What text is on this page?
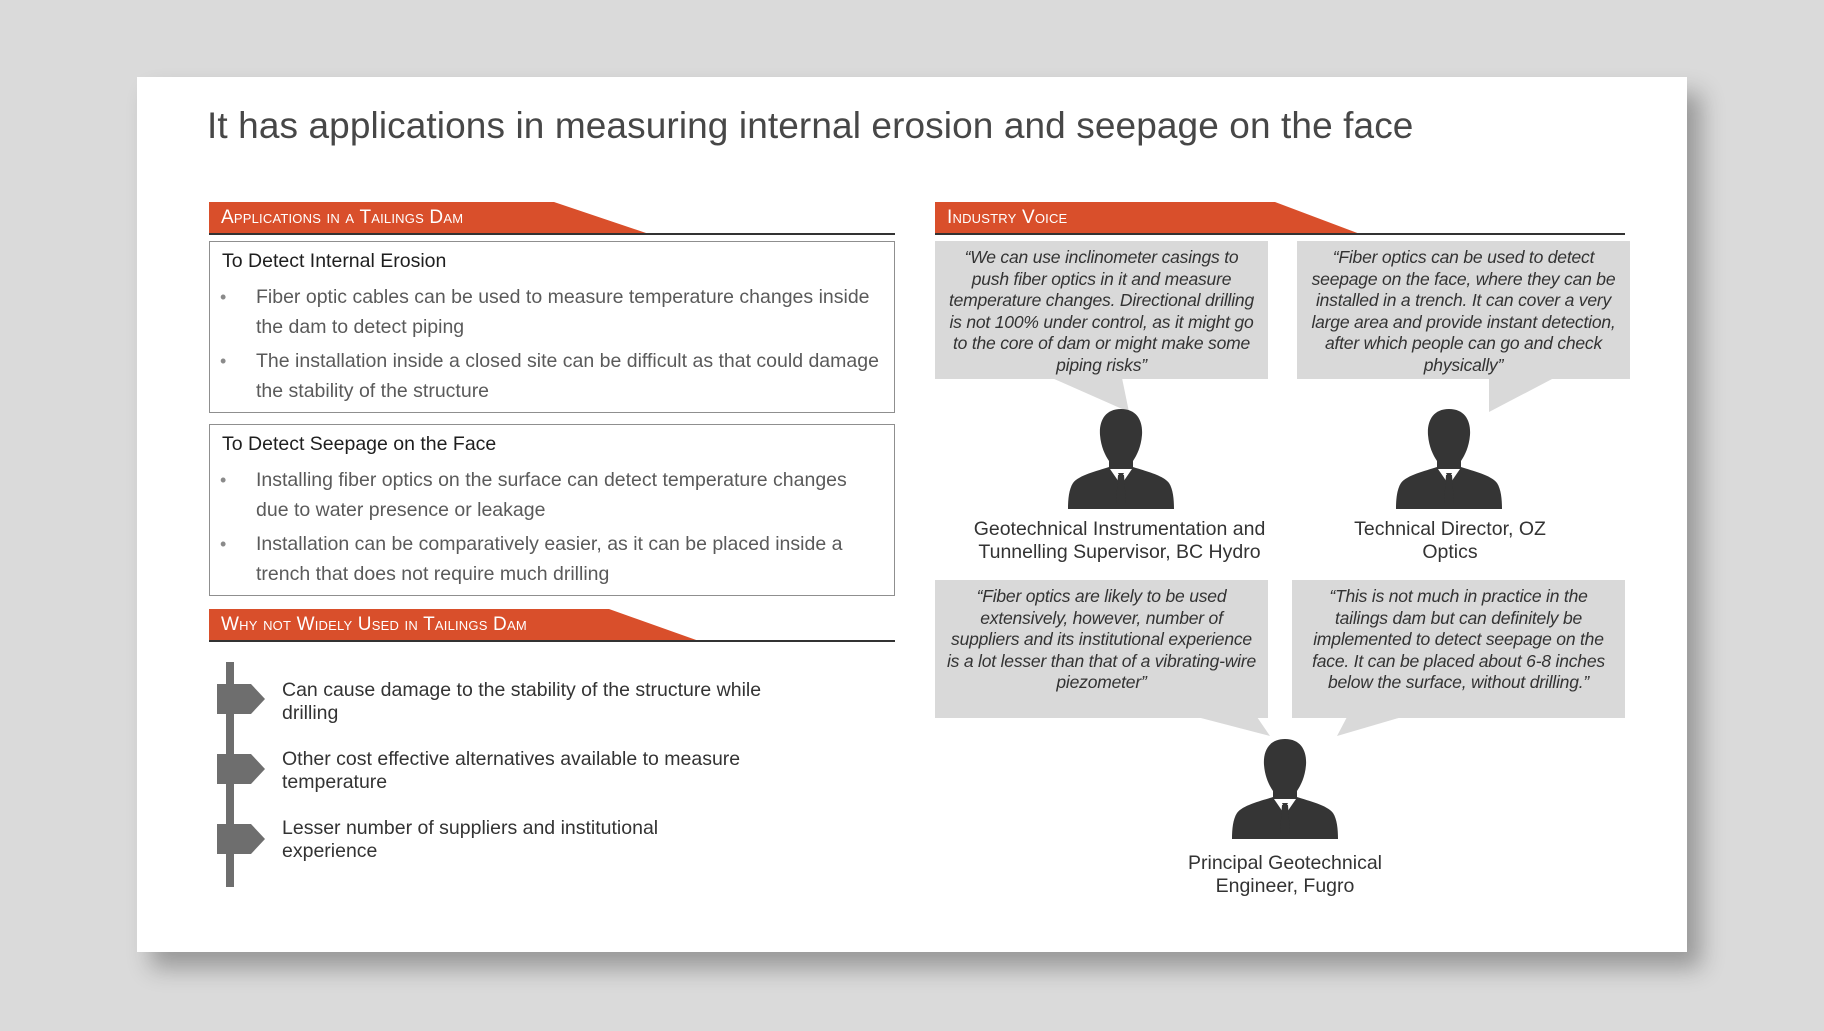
It has applications in measuring internal erosion and seepage on the face
Applications in a Tailings Dam
To Detect Internal Erosion
• Fiber optic cables can be used to measure temperature changes inside the dam to detect piping
• The installation inside a closed site can be difficult as that could damage the stability of the structure
To Detect Seepage on the Face
• Installing fiber optics on the surface can detect temperature changes due to water presence or leakage
• Installation can be comparatively easier, as it can be placed inside a trench that does not require much drilling
Why not Widely Used in Tailings Dam
Can cause damage to the stability of the structure while drilling
Other cost effective alternatives available to measure temperature
Lesser number of suppliers and institutional experience
Industry Voice

“We can use inclinometer casings to push fiber optics in it and measure temperature changes. Directional drilling is not 100% under control, as it might go to the core of dam or might make some piping risks”

“Fiber optics can be used to detect seepage on the face, where they can be installed in a trench. It can cover a very large area and provide instant detection, after which people can go and check physically”

Geotechnical Instrumentation and Tunnelling Supervisor, BC Hydro
Technical Director, OZ Optics

“Fiber optics are likely to be used extensively, however, number of suppliers and its institutional experience is a lot lesser than that of a vibrating-wire piezometer”

“This is not much in practice in the tailings dam but can definitely be implemented to detect seepage on the face. It can be placed about 6-8 inches below the surface, without drilling.”

Principal Geotechnical Engineer, Fugro
